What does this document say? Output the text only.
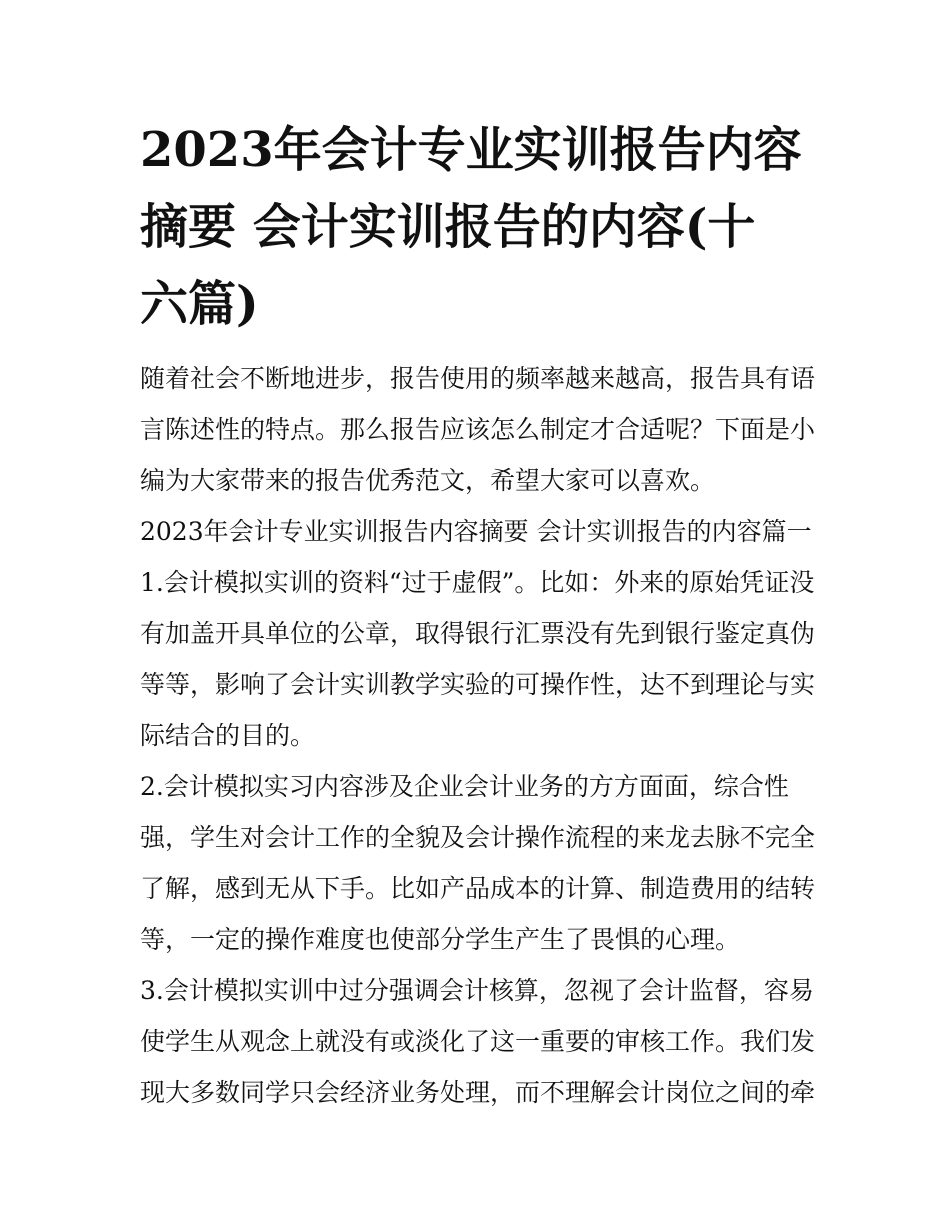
2023年会计专业实训报告内容
摘要 会计实训报告的内容(十
六篇)

随着社会不断地进步，报告使用的频率越来越高，报告具有语
言陈述性的特点。那么报告应该怎么制定才合适呢？下面是小
编为大家带来的报告优秀范文，希望大家可以喜欢。

2023年会计专业实训报告内容摘要 会计实训报告的内容篇一

1.会计模拟实训的资料“过于虚假”。比如：外来的原始凭证没
有加盖开具单位的公章，取得银行汇票没有先到银行鉴定真伪
等等，影响了会计实训教学实验的可操作性，达不到理论与实
际结合的目的。

2.会计模拟实习内容涉及企业会计业务的方方面面，综合性
强，学生对会计工作的全貌及会计操作流程的来龙去脉不完全
了解，感到无从下手。比如产品成本的计算、制造费用的结转
等，一定的操作难度也使部分学生产生了畏惧的心理。

3.会计模拟实训中过分强调会计核算，忽视了会计监督，容易
使学生从观念上就没有或淡化了这一重要的审核工作。我们发
现大多数同学只会经济业务处理，而不理解会计岗位之间的牵
